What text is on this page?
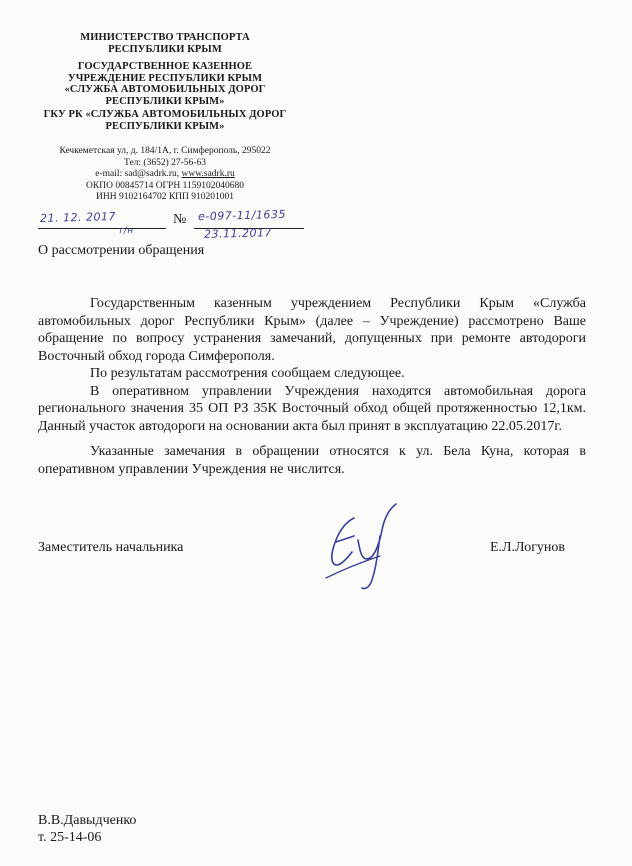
МИНИСТЕРСТВО ТРАНСПОРТА
РЕСПУБЛИКИ КРЫМ
ГОСУДАРСТВЕННОЕ КАЗЕННОЕ
УЧРЕЖДЕНИЕ РЕСПУБЛИКИ КРЫМ
«СЛУЖБА АВТОМОБИЛЬНЫХ ДОРОГ
РЕСПУБЛИКИ КРЫМ»
ГКУ РК «СЛУЖБА АВТОМОБИЛЬНЫХ ДОРОГ
РЕСПУБЛИКИ КРЫМ»
Кечкеметская ул, д. 184/1А, г. Симферополь, 295022
Тел: (3652) 27-56-63
e-mail: sad@sadrk.ru, www.sadrk.ru
ОКПО 00845714 ОГРН 1159102040680
ИНН 9102164702 КПП 910201001
№
21. 12. 2017
т/н
е-097-11/1635
23.11.2017
О рассмотрении обращения

Государственным казенным учреждением Республики Крым «Служба автомобильных дорог Республики Крым» (далее – Учреждение) рассмотрено Ваше обращение по вопросу устранения замечаний, допущенных при ремонте автодороги Восточный обход города Симферополя.

По результатам рассмотрения сообщаем следующее.

В оперативном управлении Учреждения находятся автомобильная дорога регионального значения 35 ОП РЗ 35К Восточный обход общей протяженностью 12,1км. Данный участок автодороги на основании акта был принят в эксплуатацию 22.05.2017г.

Указанные замечания в обращении относятся к ул. Бела Куна, которая в оперативном управлении Учреждения не числится.

Заместитель начальника	Е.Л.Логунов
В.В.Давыдченко
т. 25-14-06
